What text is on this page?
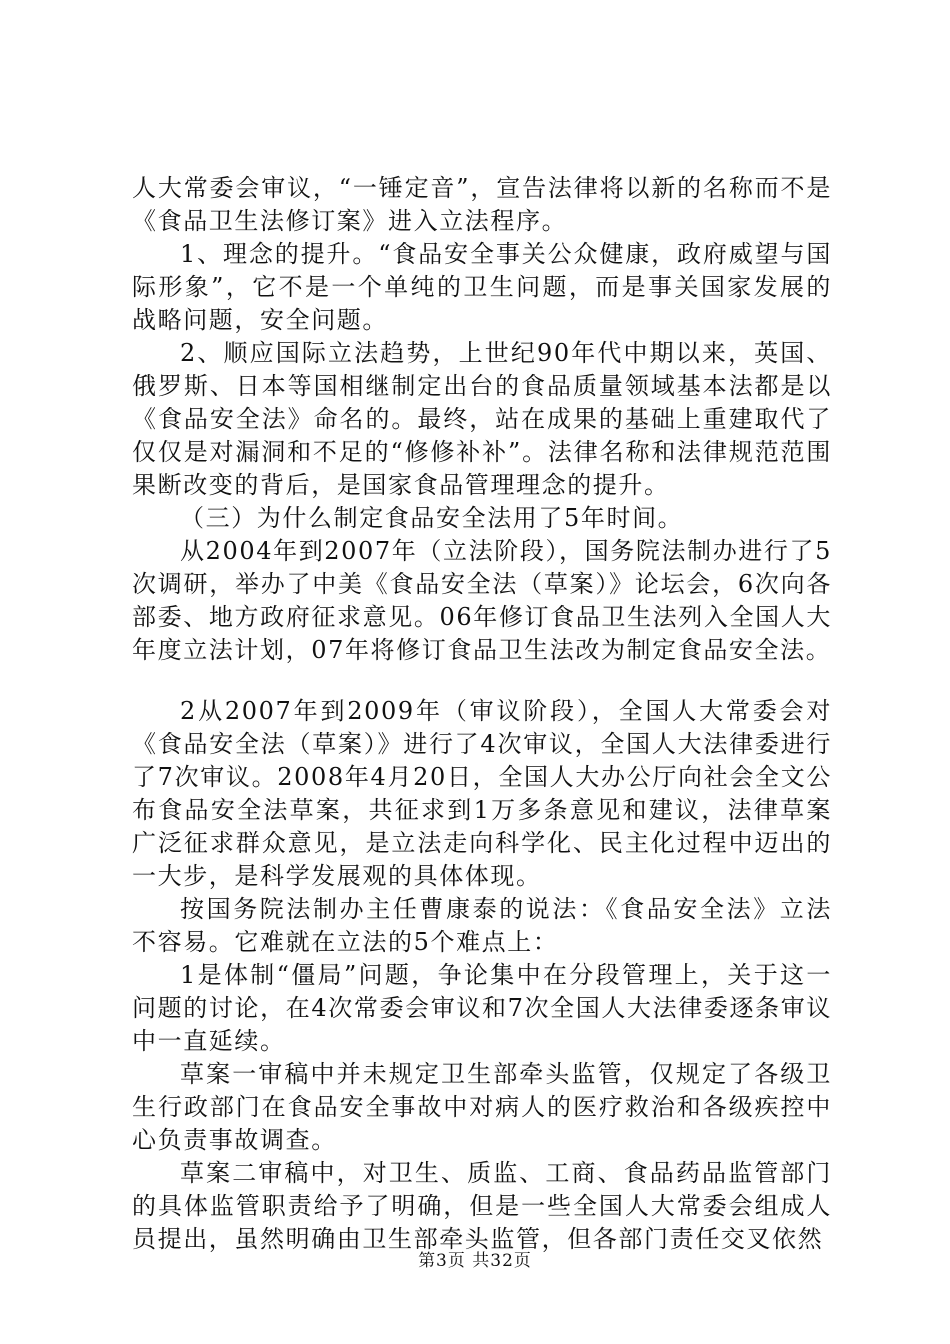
人大常委会审议，“一锤定音”，宣告法律将以新的名称而不是《食品卫生法修订案》进入立法程序。

1、理念的提升。“食品安全事关公众健康，政府威望与国际形象”，它不是一个单纯的卫生问题，而是事关国家发展的战略问题，安全问题。

2、顺应国际立法趋势，上世纪90年代中期以来，英国、俄罗斯、日本等国相继制定出台的食品质量领域基本法都是以《食品安全法》命名的。最终，站在成果的基础上重建取代了仅仅是对漏洞和不足的“修修补补”。法律名称和法律规范范围果断改变的背后，是国家食品管理理念的提升。

（三）为什么制定食品安全法用了5年时间。

从2004年到2007年（立法阶段），国务院法制办进行了5次调研，举办了中美《食品安全法（草案）》论坛会，6次向各部委、地方政府征求意见。06年修订食品卫生法列入全国人大年度立法计划，07年将修订食品卫生法改为制定食品安全法。

2从2007年到2009年（审议阶段），全国人大常委会对《食品安全法（草案）》进行了4次审议，全国人大法律委进行了7次审议。2008年4月20日，全国人大办公厅向社会全文公布食品安全法草案，共征求到1万多条意见和建议，法律草案广泛征求群众意见，是立法走向科学化、民主化过程中迈出的一大步，是科学发展观的具体体现。

按国务院法制办主任曹康泰的说法：《食品安全法》立法不容易。它难就在立法的5个难点上：

1是体制“僵局”问题，争论集中在分段管理上，关于这一问题的讨论，在4次常委会审议和7次全国人大法律委逐条审议中一直延续。

草案一审稿中并未规定卫生部牵头监管，仅规定了各级卫生行政部门在食品安全事故中对病人的医疗救治和各级疾控中心负责事故调查。

草案二审稿中，对卫生、质监、工商、食品药品监管部门的具体监管职责给予了明确，但是一些全国人大常委会组成人员提出，虽然明确由卫生部牵头监管，但各部门责任交叉依然

第3页 共32页
